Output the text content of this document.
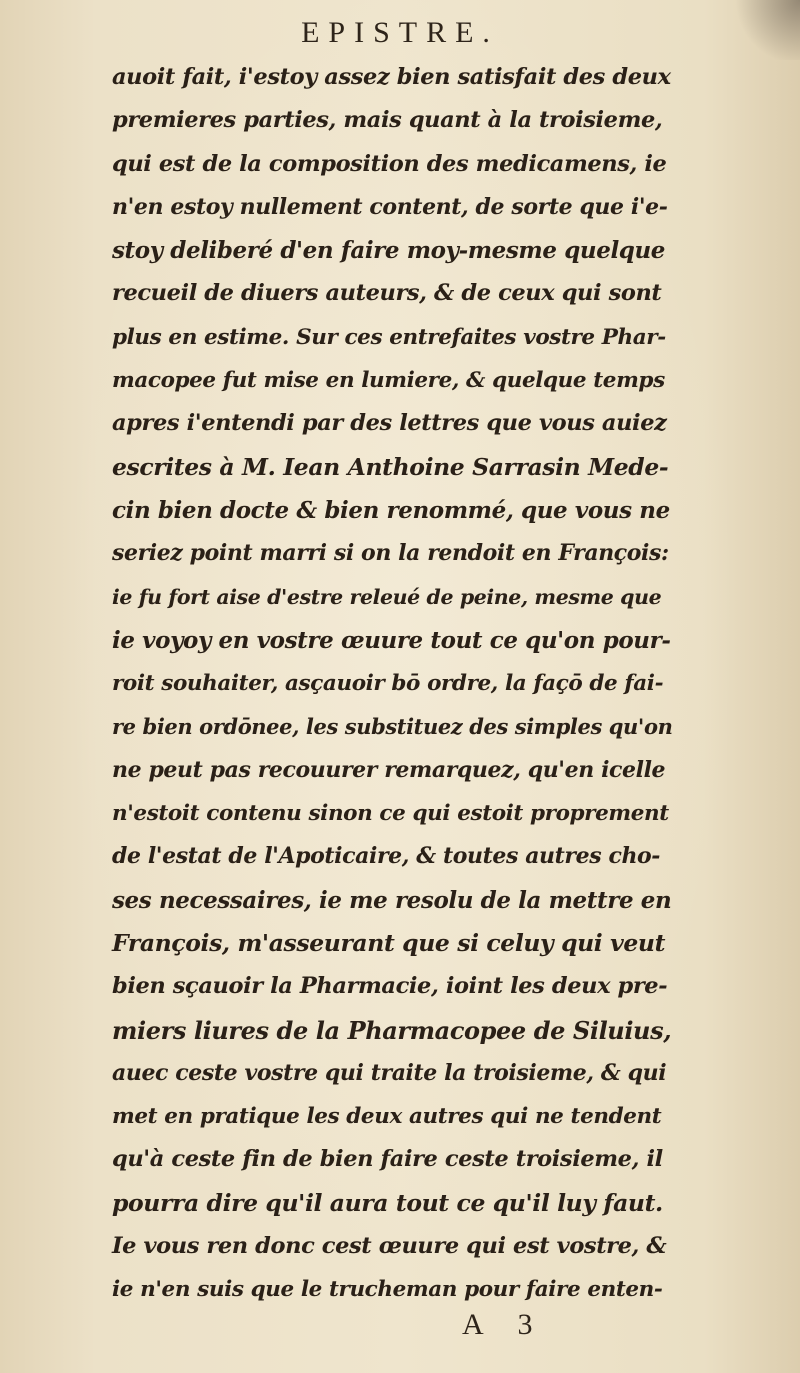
EPISTRE.
auoit fait, i'estoy assez bien satisfait des deux
premieres parties, mais quant à la troisieme,
qui est de la composition des medicamens, ie
n'en estoy nullement content, de sorte que i'e-
stoy deliberé d'en faire moy-mesme quelque
recueil de diuers auteurs, & de ceux qui sont
plus en estime. Sur ces entrefaites vostre Phar-
macopee fut mise en lumiere, & quelque temps
apres i'entendi par des lettres que vous auiez
escrites à M. Iean Anthoine Sarrasin Mede-
cin bien docte & bien renommé, que vous ne
seriez point marri si on la rendoit en François:
ie fu fort aise d'estre releué de peine, mesme que
ie voyoy en vostre œuure tout ce qu'on pour-
roit souhaiter, asçauoir bō ordre, la façō de fai-
re bien ordōnee, les substituez des simples qu'on
ne peut pas recouurer remarquez, qu'en icelle
n'estoit contenu sinon ce qui estoit proprement
de l'estat de l'Apoticaire, & toutes autres cho-
ses necessaires, ie me resolu de la mettre en
François, m'asseurant que si celuy qui veut
bien sçauoir la Pharmacie, ioint les deux pre-
miers liures de la Pharmacopee de Siluius,
auec ceste vostre qui traite la troisieme, & qui
met en pratique les deux autres qui ne tendent
qu'à ceste fin de bien faire ceste troisieme, il
pourra dire qu'il aura tout ce qu'il luy faut.
Ie vous ren donc cest œuure qui est vostre, &
ie n'en suis que le trucheman pour faire enten-
A 3
